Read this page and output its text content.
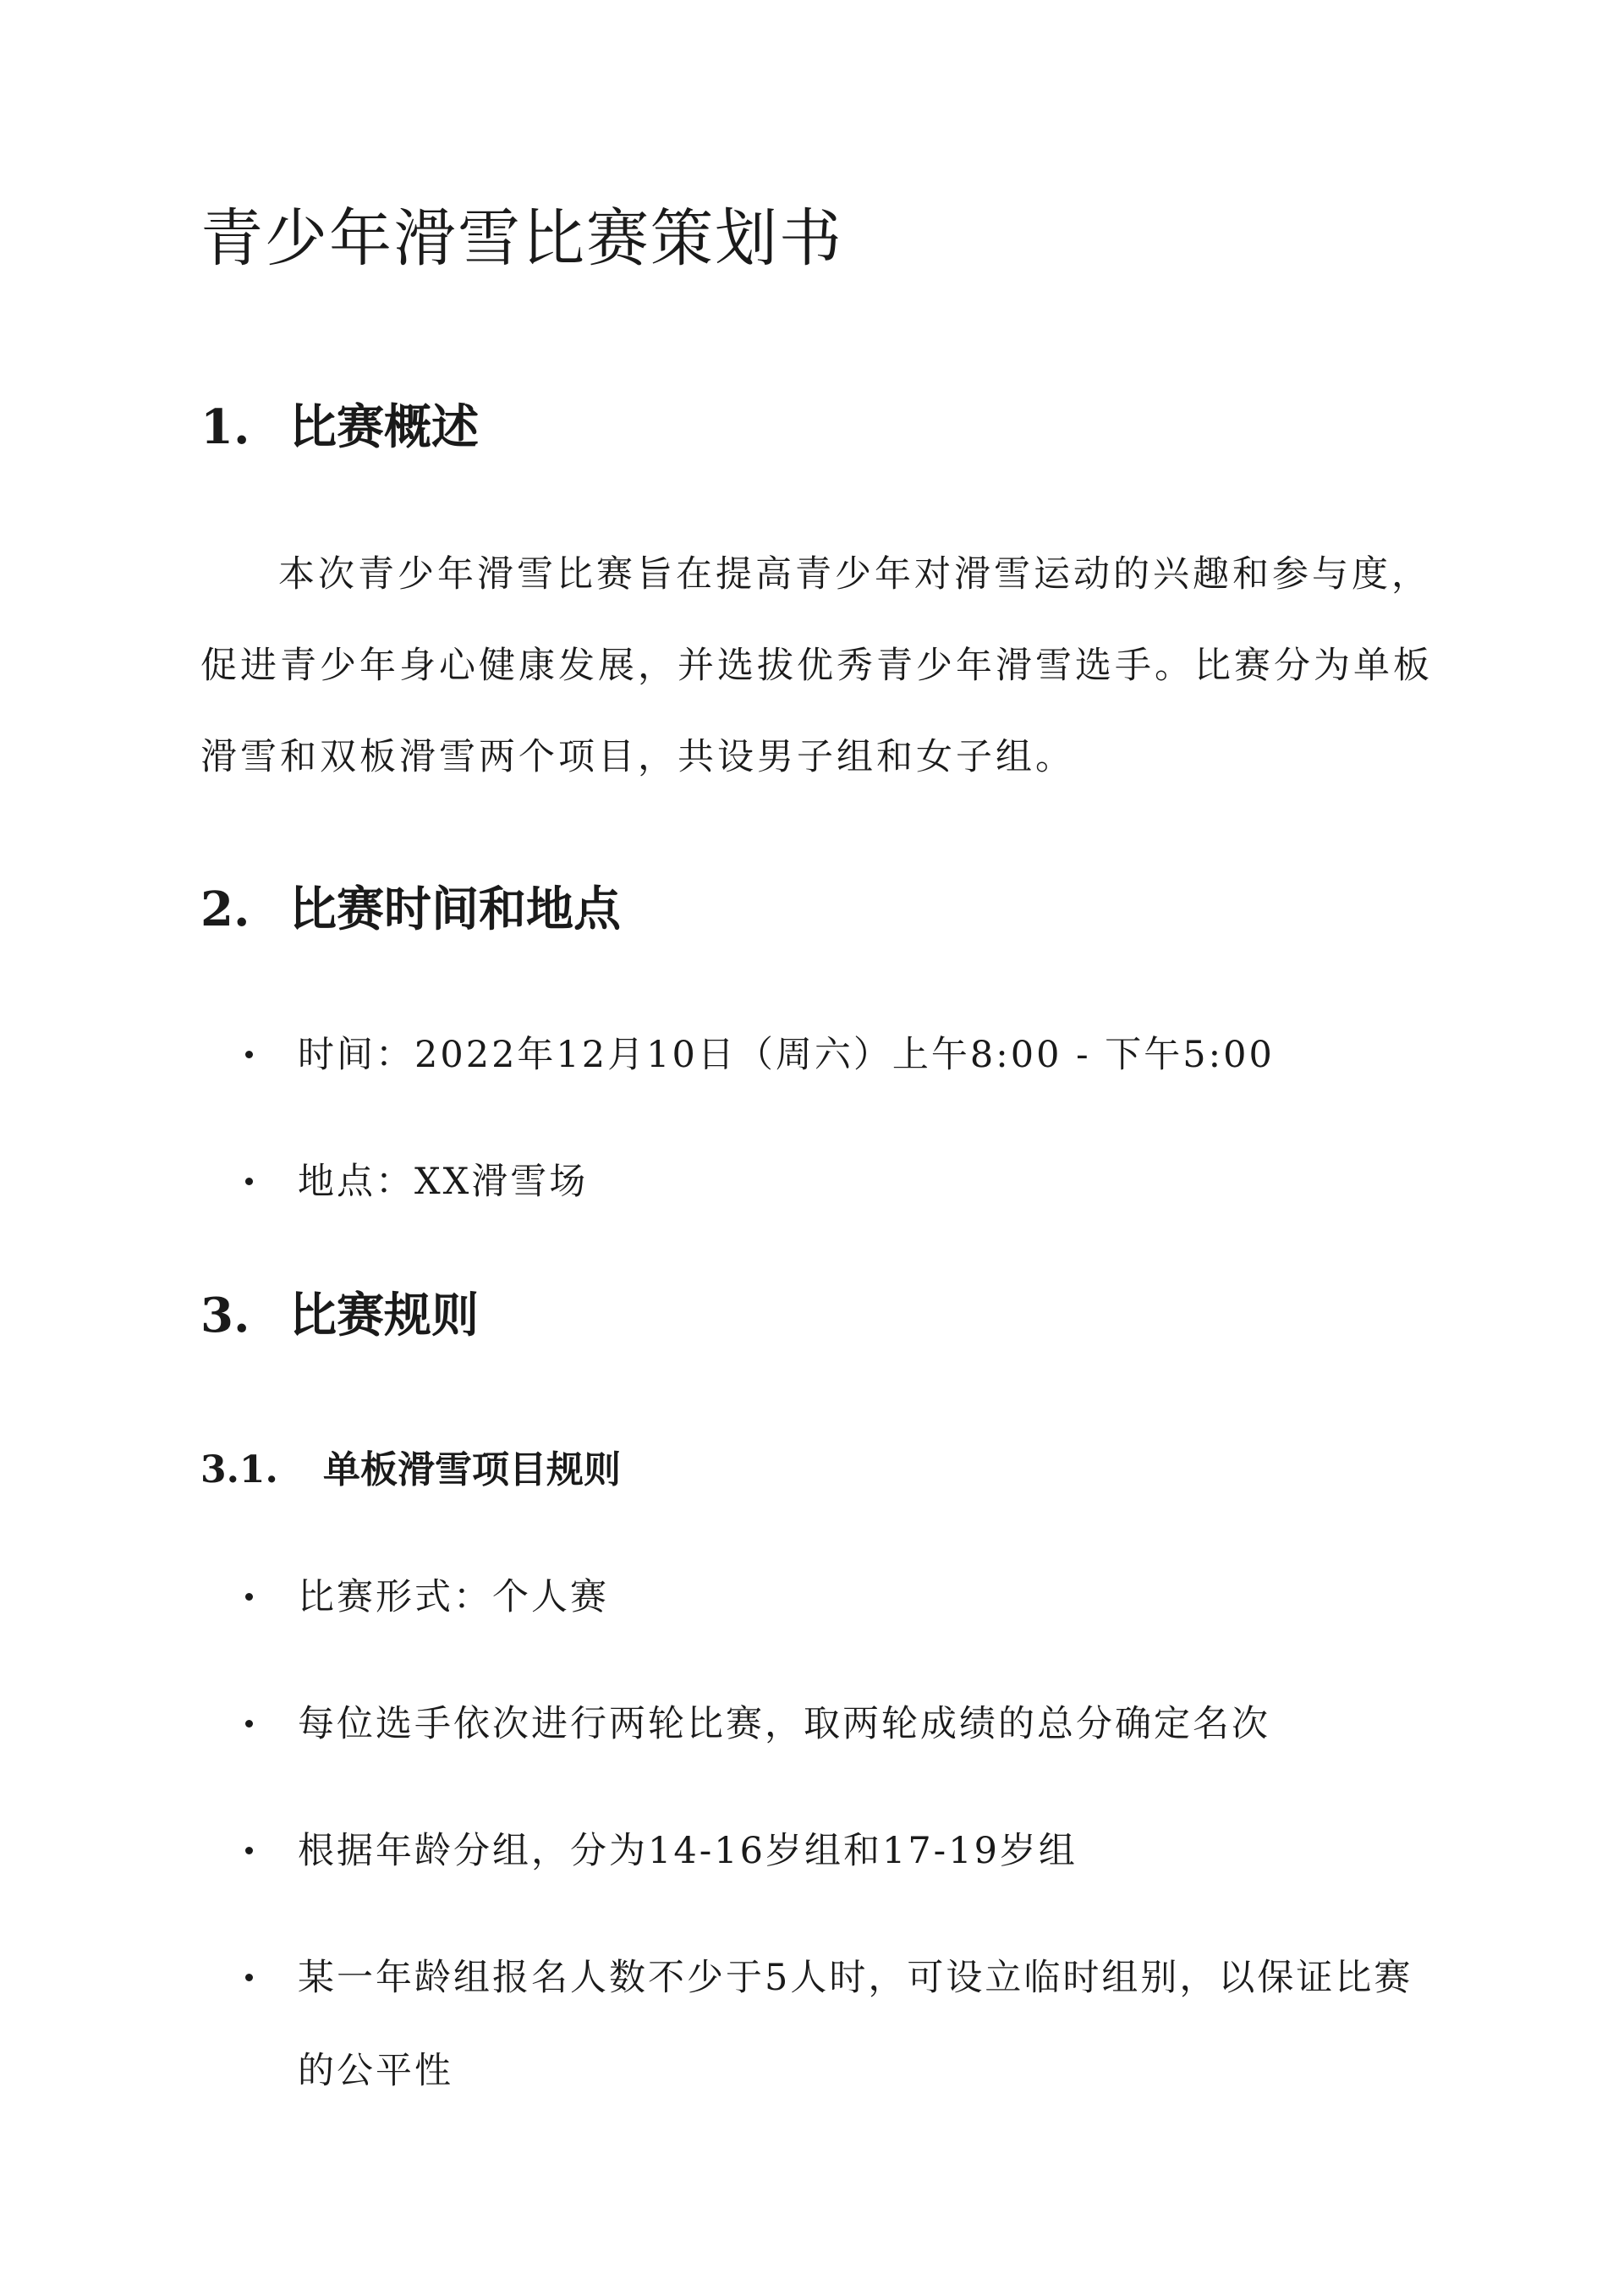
青少年滑雪比赛策划书
1. 比赛概述

本次青少年滑雪比赛旨在提高青少年对滑雪运动的兴趣和参与度，促进青少年身心健康发展，并选拔优秀青少年滑雪选手。比赛分为单板滑雪和双板滑雪两个项目，共设男子组和女子组。

2. 比赛时间和地点
时间：2022年12月10日（周六）上午8:00 - 下午5:00
地点：XX滑雪场
3. 比赛规则
3.1. 单板滑雪项目规则
比赛形式：个人赛
每位选手依次进行两轮比赛，取两轮成绩的总分确定名次
根据年龄分组，分为14-16岁组和17-19岁组
某一年龄组报名人数不少于5人时，可设立临时组别，以保证比赛的公平性
